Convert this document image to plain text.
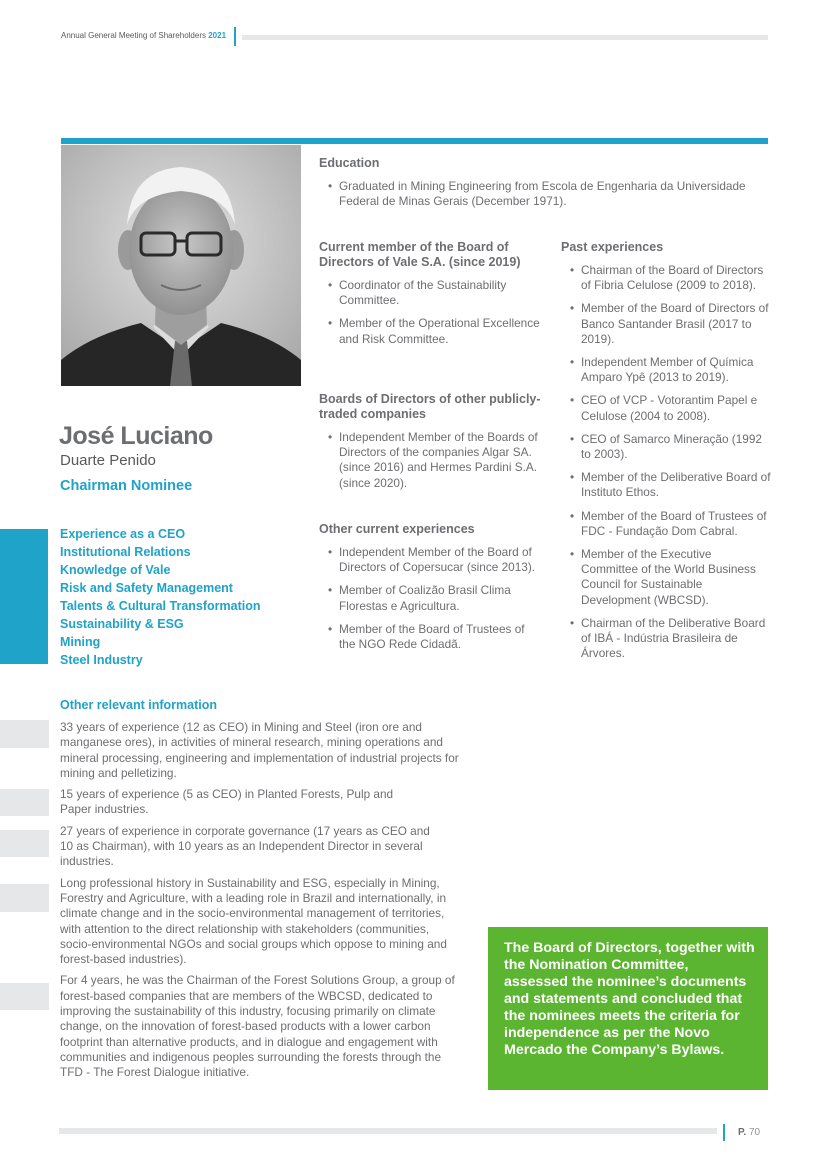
Annual General Meeting of Shareholders 2021
José Luciano
Duarte Penido
Chairman Nominee
Experience as a CEO
Institutional Relations
Knowledge of Vale
Risk and Safety Management
Talents & Cultural Transformation
Sustainability & ESG
Mining
Steel Industry
Education
• Graduated in Mining Engineering from Escola de Engenharia da Universidade Federal de Minas Gerais (December 1971).
Current member of the Board of Directors of Vale S.A. (since 2019)
• Coordinator of the Sustainability Committee.
• Member of the Operational Excellence and Risk Committee.
Boards of Directors of other publicly-traded companies
• Independent Member of the Boards of Directors of the companies Algar SA. (since 2016) and Hermes Pardini S.A. (since 2020).
Other current experiences
• Independent Member of the Board of Directors of Copersucar (since 2013).
• Member of Coalizão Brasil Clima Florestas e Agricultura.
• Member of the Board of Trustees of the NGO Rede Cidadã.
Past experiences
• Chairman of the Board of Directors of Fibria Celulose (2009 to 2018).
• Member of the Board of Directors of Banco Santander Brasil (2017 to 2019).
• Independent Member of Química Amparo Ypê (2013 to 2019).
• CEO of VCP - Votorantim Papel e Celulose (2004 to 2008).
• CEO of Samarco Mineração (1992 to 2003).
• Member of the Deliberative Board of Instituto Ethos.
• Member of the Board of Trustees of FDC - Fundação Dom Cabral.
• Member of the Executive Committee of the World Business Council for Sustainable Development (WBCSD).
• Chairman of the Deliberative Board of IBÁ - Indústria Brasileira de Árvores.
Other relevant information

33 years of experience (12 as CEO) in Mining and Steel (iron ore and manganese ores), in activities of mineral research, mining operations and mineral processing, engineering and implementation of industrial projects for mining and pelletizing.

15 years of experience (5 as CEO) in Planted Forests, Pulp and Paper industries.

27 years of experience in corporate governance (17 years as CEO and 10 as Chairman), with 10 years as an Independent Director in several industries.

Long professional history in Sustainability and ESG, especially in Mining, Forestry and Agriculture, with a leading role in Brazil and internationally, in climate change and in the socio-environmental management of territories, with attention to the direct relationship with stakeholders (communities, socio-environmental NGOs and social groups which oppose to mining and forest-based industries).

For 4 years, he was the Chairman of the Forest Solutions Group, a group of forest-based companies that are members of the WBCSD, dedicated to improving the sustainability of this industry, focusing primarily on climate change, on the innovation of forest-based products with a lower carbon footprint than alternative products, and in dialogue and engagement with communities and indigenous peoples surrounding the forests through the TFD - The Forest Dialogue initiative.

The Board of Directors, together with the Nomination Committee, assessed the nominee’s documents and statements and concluded that the nominees meets the criteria for independence as per the Novo Mercado the Company’s Bylaws.
P. 70
